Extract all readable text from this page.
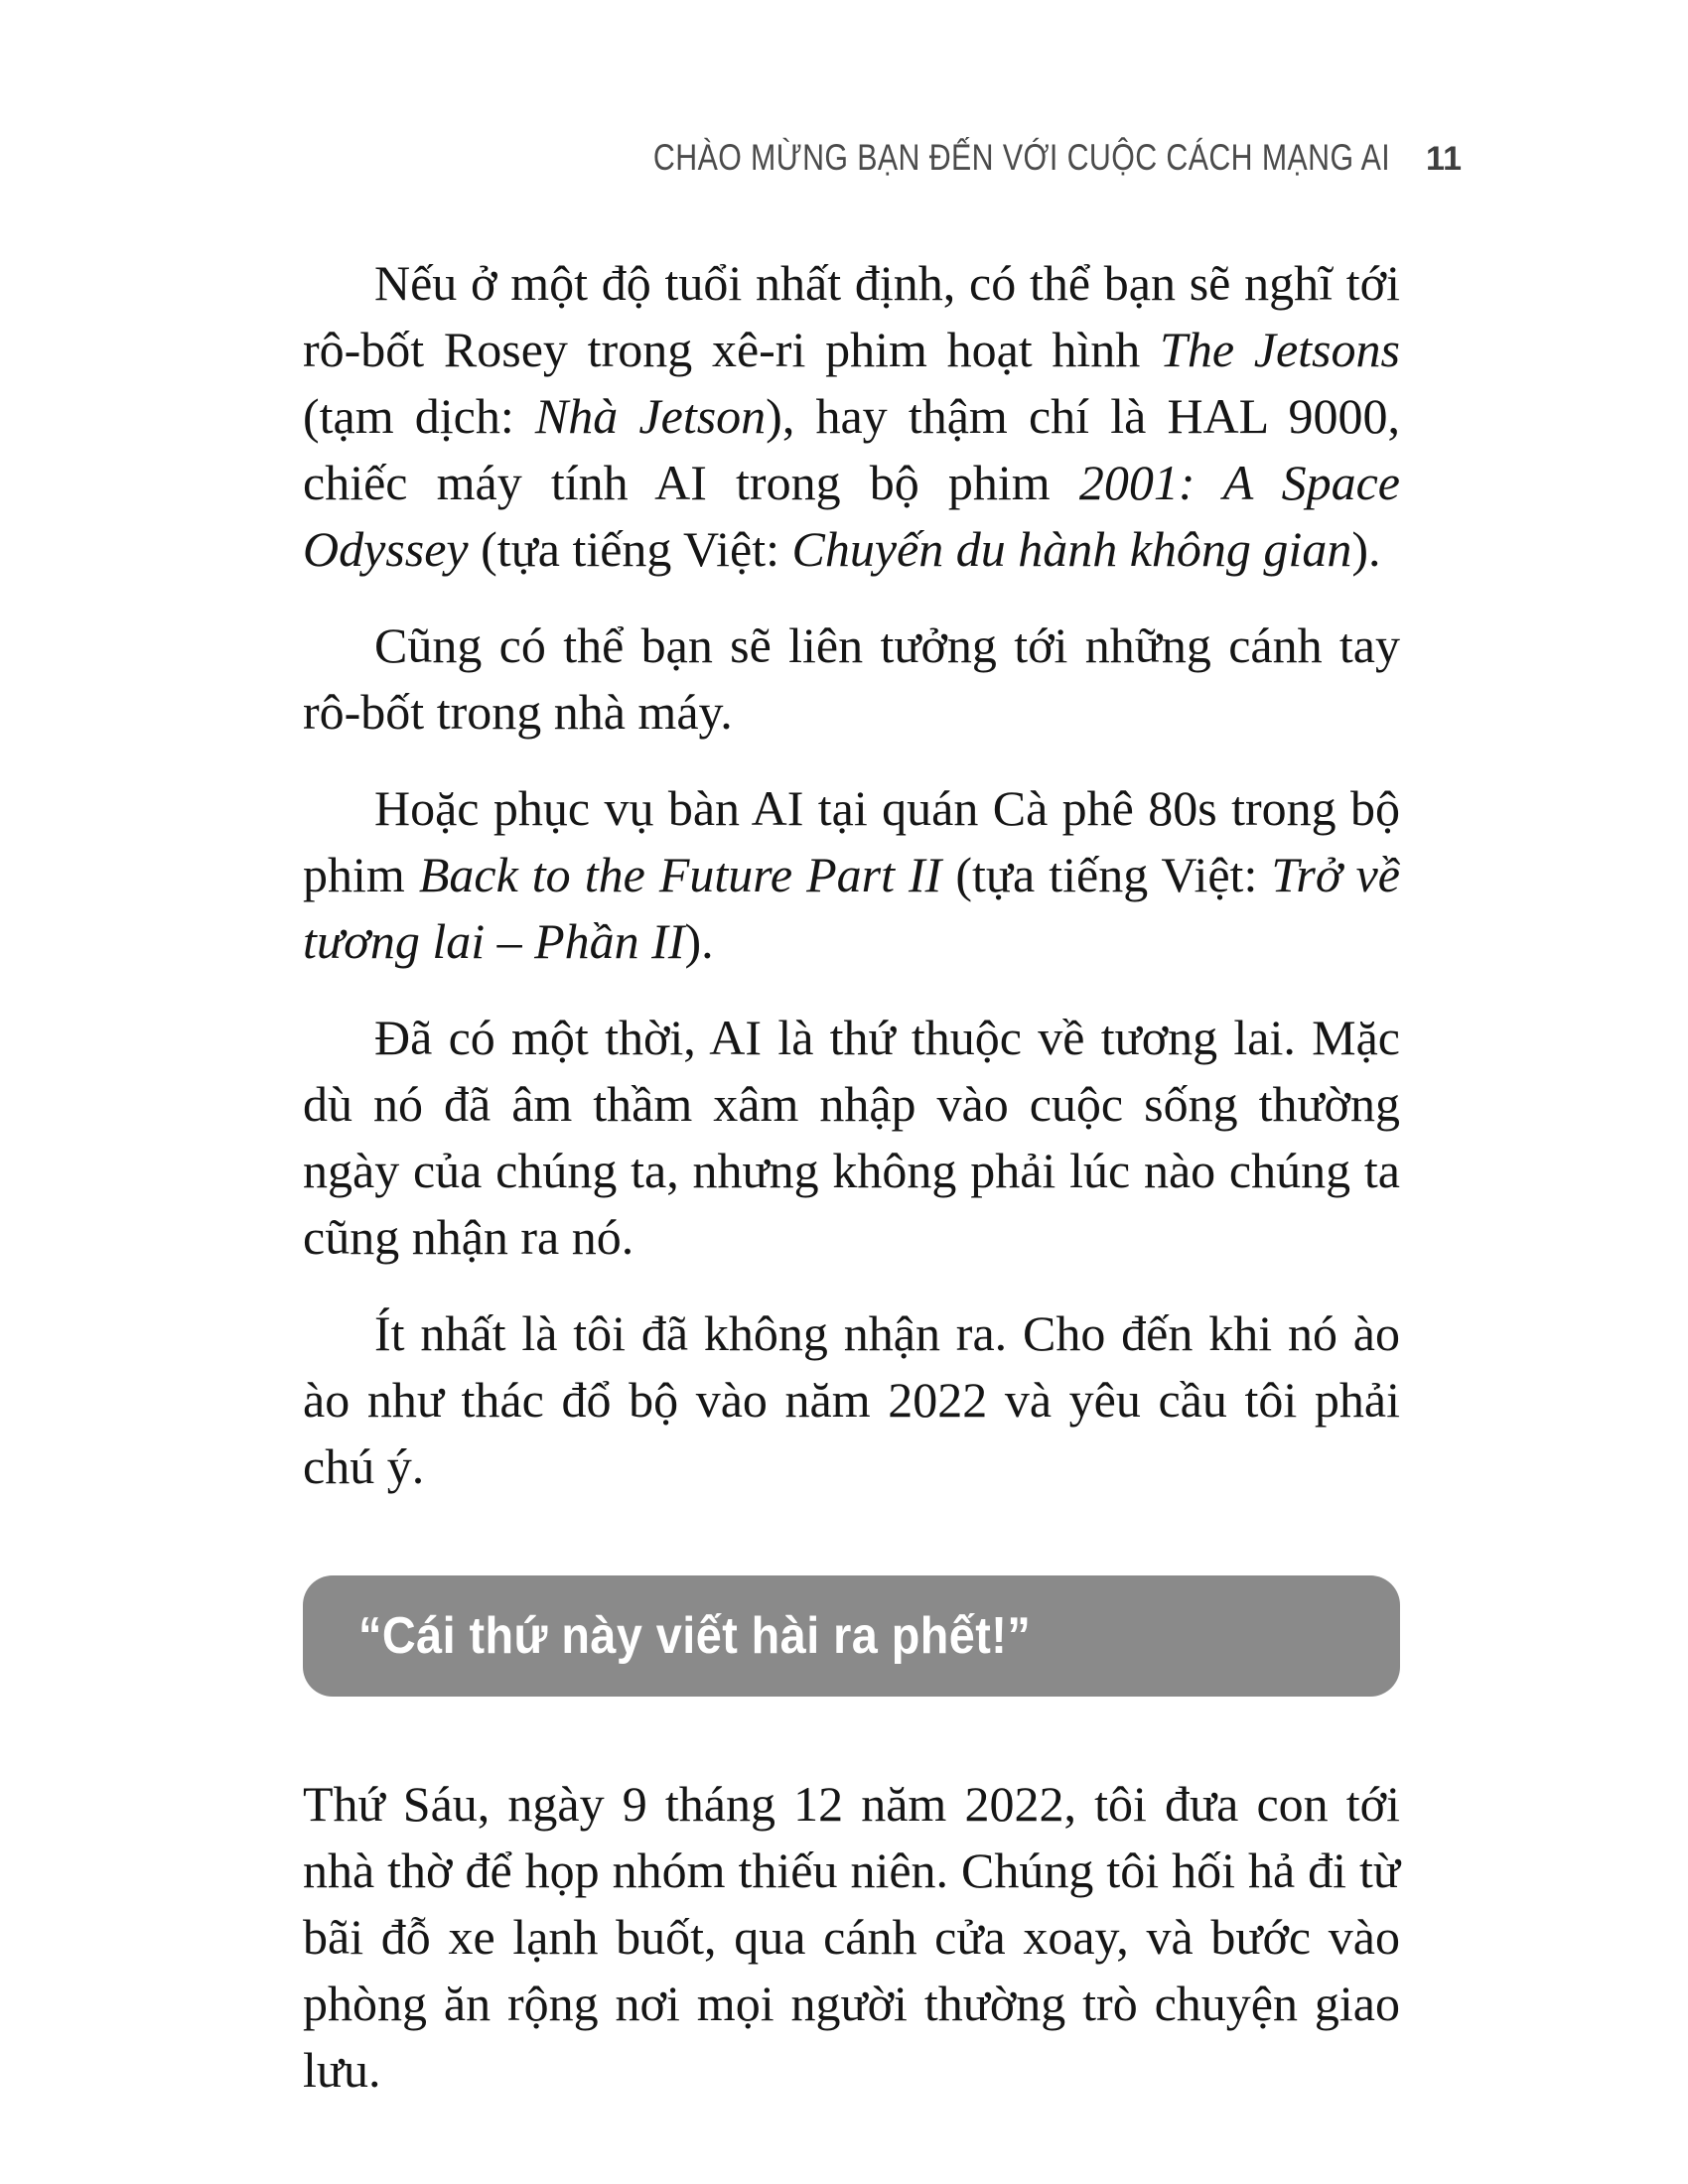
CHÀO MỪNG BẠN ĐẾN VỚI CUỘC CÁCH MẠNG AI 11

Nếu ở một độ tuổi nhất định, có thể bạn sẽ nghĩ tới rô-bốt Rosey trong xê-ri phim hoạt hình The Jetsons (tạm dịch: Nhà Jetson), hay thậm chí là HAL 9000, chiếc máy tính AI trong bộ phim 2001: A Space Odyssey (tựa tiếng Việt: Chuyến du hành không gian).

Cũng có thể bạn sẽ liên tưởng tới những cánh tay rô-bốt trong nhà máy.

Hoặc phục vụ bàn AI tại quán Cà phê 80s trong bộ phim Back to the Future Part II (tựa tiếng Việt: Trở về tương lai – Phần II).

Đã có một thời, AI là thứ thuộc về tương lai. Mặc dù nó đã âm thầm xâm nhập vào cuộc sống thường ngày của chúng ta, nhưng không phải lúc nào chúng ta cũng nhận ra nó.

Ít nhất là tôi đã không nhận ra. Cho đến khi nó ào ào như thác đổ bộ vào năm 2022 và yêu cầu tôi phải chú ý.

“Cái thứ này viết hài ra phết!”

Thứ Sáu, ngày 9 tháng 12 năm 2022, tôi đưa con tới nhà thờ để họp nhóm thiếu niên. Chúng tôi hối hả đi từ bãi đỗ xe lạnh buốt, qua cánh cửa xoay, và bước vào phòng ăn rộng nơi mọi người thường trò chuyện giao lưu.
